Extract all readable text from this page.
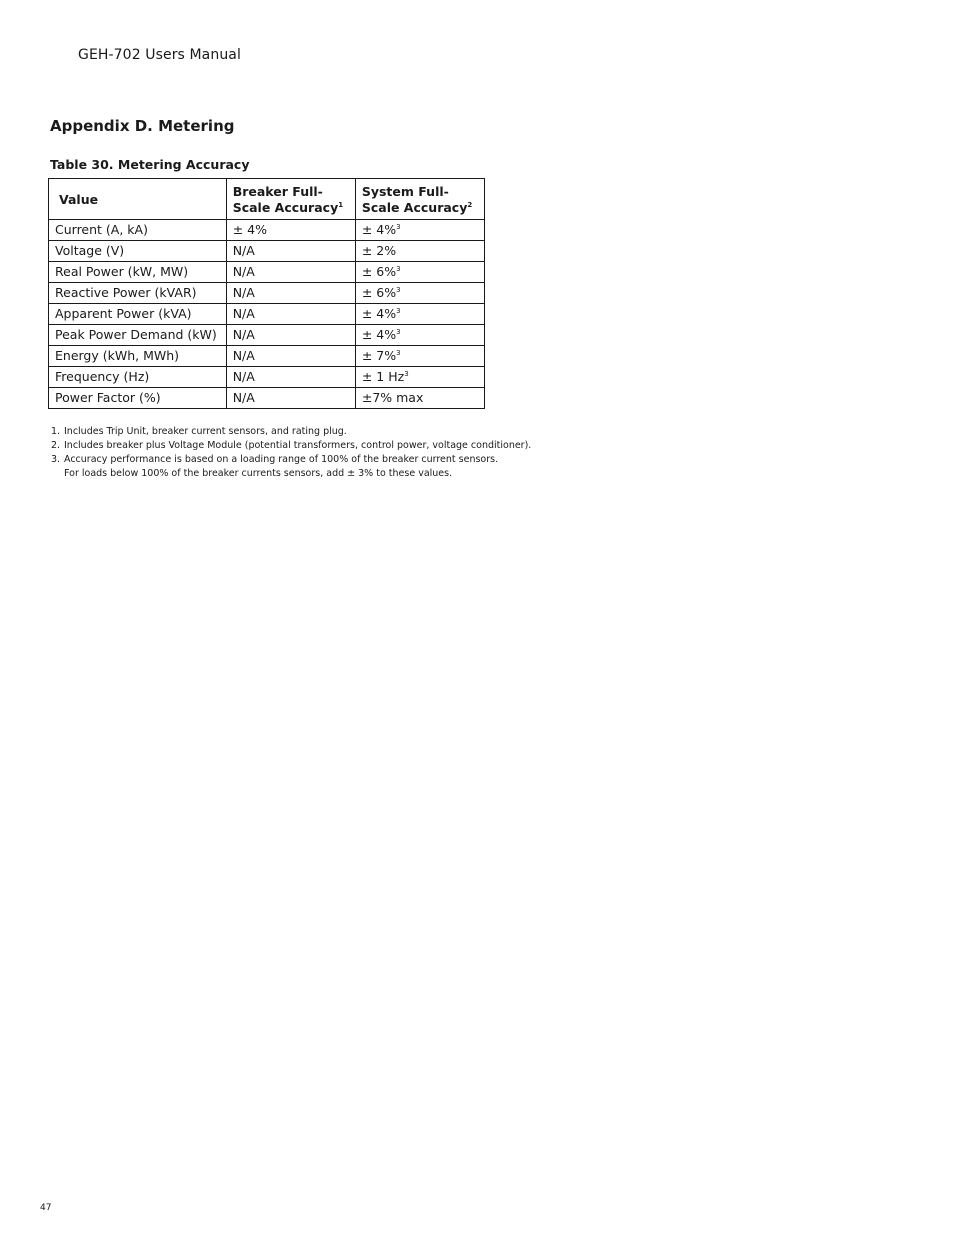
GEH-702 Users Manual
Appendix D. Metering
Table 30. Metering Accuracy
Value	Breaker Full-Scale Accuracy$^1$	System Full-Scale Accuracy$^2$
Current (A, kA)	± 4%	± 4%$^3$
Voltage (V)	N/A	± 2%
Real Power (kW, MW)	N/A	± 6%$^3$
Reactive Power (kVAR)	N/A	± 6%$^3$
Apparent Power (kVA)	N/A	± 4%$^3$
Peak Power Demand (kW)	N/A	± 4%$^3$
Energy (kWh, MWh)	N/A	± 7%$^3$
Frequency (Hz)	N/A	± 1 Hz$^3$
Power Factor (%)	N/A	±7% max
1. Includes Trip Unit, breaker current sensors, and rating plug.
2. Includes breaker plus Voltage Module (potential transformers, control power, voltage conditioner).
3. Accuracy performance is based on a loading range of 100% of the breaker current sensors.
For loads below 100% of the breaker currents sensors, add ± 3% to these values.
47
